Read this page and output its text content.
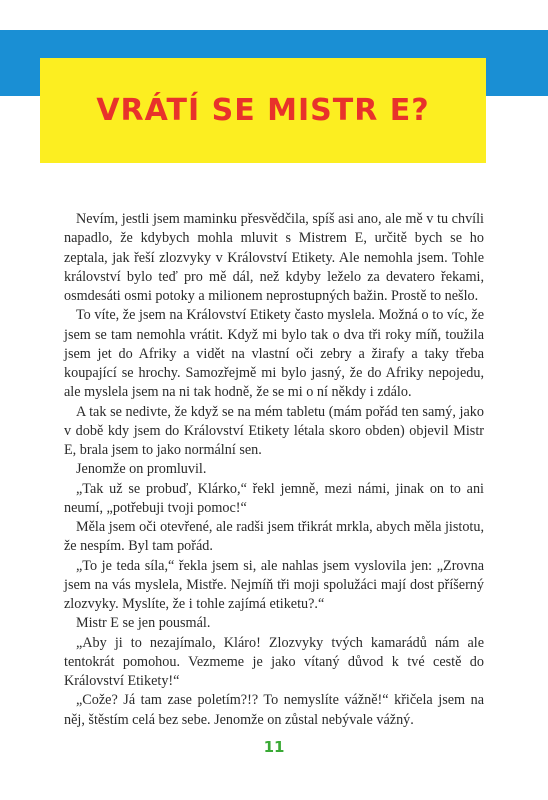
VRÁTÍ SE MISTR E?

Nevím, jestli jsem maminku přesvědčila, spíš asi ano, ale mě v tu chvíli napadlo, že kdybych mohla mluvit s Mistrem E, určitě bych se ho zeptala, jak řeší zlozvyky v Království Etikety. Ale nemohla jsem. Tohle království bylo teď pro mě dál, než kdyby leželo za devatero řekami, osmdesáti osmi potoky a milionem neprostupných bažin. Prostě to nešlo.

To víte, že jsem na Království Etikety často myslela. Možná o to víc, že jsem se tam nemohla vrátit. Když mi bylo tak o dva tři roky míň, toužila jsem jet do Afriky a vidět na vlastní oči zebry a žirafy a taky třeba koupající se hrochy. Samozřejmě mi bylo jasný, že do Afriky nepojedu, ale myslela jsem na ni tak hodně, že se mi o ní někdy i zdálo.

A tak se nedivte, že když se na mém tabletu (mám pořád ten samý, jako v době kdy jsem do Království Etikety létala skoro obden) objevil Mistr E, brala jsem to jako normální sen.

Jenomže on promluvil.

„Tak už se probuď, Klárko,“ řekl jemně, mezi námi, jinak on to ani neumí, „potřebuji tvoji pomoc!“

Měla jsem oči otevřené, ale radši jsem třikrát mrkla, abych měla jistotu, že nespím. Byl tam pořád.

„To je teda síla,“ řekla jsem si, ale nahlas jsem vyslovila jen: „Zrovna jsem na vás myslela, Mistře. Nejmíň tři moji spolužáci mají dost příšerný zlozvyky. Myslíte, že i tohle zajímá etiketu?.“

Mistr E se jen pousmál.

„Aby ji to nezajímalo, Kláro! Zlozvyky tvých kamarádů nám ale tentokrát pomohou. Vezmeme je jako vítaný důvod k tvé cestě do Království Etikety!“

„Cože? Já tam zase poletím?!? To nemyslíte vážně!“ křičela jsem na něj, štěstím celá bez sebe. Jenomže on zůstal nebývale vážný.

11
